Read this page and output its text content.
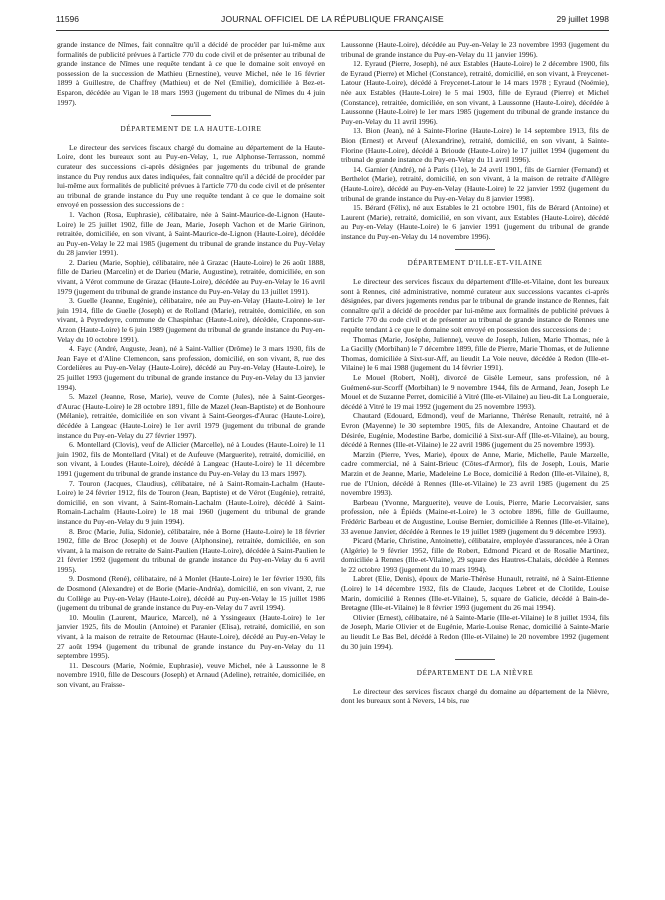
11596	JOURNAL OFFICIEL DE LA RÉPUBLIQUE FRANÇAISE	29 juillet 1998

grande instance de Nîmes, fait connaître qu'il a décidé de procéder par lui-même aux formalités de publicité prévues à l'article 770 du code civil et de présenter au tribunal de grande instance de Nîmes une requête tendant à ce que le domaine soit envoyé en possession de la succession de Mathieu (Ernestine), veuve Michel, née le 16 février 1899 à Guillestre, de Chaffrey (Mathieu) et de Nel (Emilie), domiciliée à Bez-et-Esparon, décédée au Vigan le 18 mars 1993 (jugement du tribunal de Nîmes du 4 juin 1997).

DÉPARTEMENT DE LA HAUTE-LOIRE

Le directeur des services fiscaux chargé du domaine au département de la Haute-Loire, dont les bureaux sont au Puy-en-Velay, 1, rue Alphonse-Terrasson, nommé curateur des successions ci-après désignées par jugements du tribunal de grande instance du Puy rendus aux dates indiquées, fait connaître qu'il a décidé de procéder par lui-même aux formalités de publicité prévues à l'article 770 du code civil et de présenter au tribunal de grande instance du Puy une requête tendant à ce que le domaine soit envoyé en possession des successions de :

1. Vachon (Rosa, Euphrasie), célibataire, née à Saint-Maurice-de-Lignon (Haute-Loire) le 25 juillet 1902, fille de Jean, Marie, Joseph Vachon et de Marie Girinon, retraitée, domiciliée, en son vivant, à Saint-Maurice-de-Lignon (Haute-Loire), décédée au Puy-en-Velay le 22 mai 1985 (jugement du tribunal de grande instance du Puy-Velay du 28 janvier 1991).

2. Darieu (Marie, Sophie), célibataire, née à Grazac (Haute-Loire) le 26 août 1888, fille de Darieu (Marcelin) et de Darieu (Marie, Augustine), retraitée, domiciliée, en son vivant, à Vérot commune de Grazac (Haute-Loire), décédée au Puy-en-Velay le 16 avril 1979 (jugement du tribunal de grande instance du Puy-en-Velay du 13 juillet 1991).

3. Guelle (Jeanne, Eugénie), célibataire, née au Puy-en-Velay (Haute-Loire) le 1er juin 1914, fille de Guelle (Joseph) et de Rolland (Marie), retraitée, domiciliée, en son vivant, à Peyredeyre, commune de Chaspinhac (Haute-Loire), décédée, Craponne-sur-Arzon (Haute-Loire) le 6 juin 1989 (jugement du tribunal de grande instance du Puy-en-Velay du 10 octobre 1991).

4. Fayc (André, Auguste, Jean), né à Saint-Vallier (Drôme) le 3 mars 1930, fils de Jean Faye et d'Aline Clemencon, sans profession, domicilié, en son vivant, 8, rue des Cordelières au Puy-en-Velay (Haute-Loire), décédé au Puy-en-Velay (Haute-Loire), le 25 juillet 1993 (jugement du tribunal de grande instance du Puy-en-Velay du 13 janvier 1994).

5. Mazel (Jeanne, Rose, Marie), veuve de Comte (Jules), née à Saint-Georges-d'Aurac (Haute-Loire) le 28 octobre 1891, fille de Mazel (Jean-Baptiste) et de Bonhoure (Mélanie), retraitée, domiciliée en son vivant à Saint-Georges-d'Aurac (Haute-Loire), décédée à Langeac (Haute-Loire) le 1er avril 1979 (jugement du tribunal de grande instance du Puy-en-Velay du 27 février 1997).

6. Montellard (Clovis), veuf de Allicier (Marcelle), né à Loudes (Haute-Loire) le 11 juin 1902, fils de Montellard (Vital) et de Aufeuve (Marguerite), retraité, domicilié, en son vivant, à Loudes (Haute-Loire), décédé à Langeac (Haute-Loire) le 11 décembre 1991 (jugement du tribunal de grande instance du Puy-en-Velay du 13 mars 1997).

7. Touron (Jacques, Claudius), célibataire, né à Saint-Romain-Lachalm (Haute-Loire) le 24 février 1912, fils de Touron (Jean, Baptiste) et de Vérot (Eugénie), retraité, domicilié, en son vivant, à Saint-Romain-Lachalm (Haute-Loire), décédé à Saint-Romain-Lachalm (Haute-Loire) le 18 mai 1960 (jugement du tribunal de grande instance du Puy-en-Velay du 9 juin 1994).

8. Broc (Marie, Julia, Sidonie), célibataire, née à Borne (Haute-Loire) le 18 février 1902, fille de Broc (Joseph) et de Jouve (Alphonsine), retraitée, domiciliée, en son vivant, à la maison de retraite de Saint-Paulien (Haute-Loire), décédée à Saint-Paulien le 21 février 1992 (jugement du tribunal de grande instance du Puy-en-Velay du 6 avril 1995).

9. Dosmond (René), célibataire, né à Monlet (Haute-Loire) le 1er février 1930, fils de Dosmond (Alexandre) et de Borie (Marie-Andréa), domicilié, en son vivant, 2, rue du Collège au Puy-en-Velay (Haute-Loire), décédé au Puy-en-Velay le 15 juillet 1986 (jugement du tribunal de grande instance du Puy-en-Velay du 7 avril 1994).

10. Moulin (Laurent, Maurice, Marcel), né à Yssingeaux (Haute-Loire) le 1er janvier 1925, fils de Moulin (Antoine) et Paranier (Elisa), retraité, domicilié, en son vivant, à la maison de retraite de Retournac (Haute-Loire), décédé au Puy-en-Velay le 27 août 1994 (jugement du tribunal de grande instance du Puy-en-Velay du 11 septembre 1995).

11. Descours (Marie, Noémie, Euphrasie), veuve Michel, née à Laussonne le 8 novembre 1910, fille de Descours (Joseph) et Arnaud (Adeline), retraitée, domiciliée, en son vivant, au Fraisse-

Laussonne (Haute-Loire), décédée au Puy-en-Velay le 23 novembre 1993 (jugement du tribunal de grande instance du Puy-en-Velay du 11 janvier 1996).

12. Eyraud (Pierre, Joseph), né aux Estables (Haute-Loire) le 2 décembre 1900, fils de Eyraud (Pierre) et Michel (Constance), retraité, domicilié, en son vivant, à Freycenet-Latour (Haute-Loire), décédé à Freycenet-Latour le 14 mars 1978 ; Eyraud (Noémie), née aux Estables (Haute-Loire) le 5 mai 1903, fille de Eyraud (Pierre) et Michel (Constance), retraitée, domiciliée, en son vivant, à Laussonne (Haute-Loire), décédée à Laussonne (Haute-Loire) le 1er mars 1985 (jugement du tribunal de grande instance du Puy-en-Velay du 11 avril 1996).

13. Bion (Jean), né à Sainte-Florine (Haute-Loire) le 14 septembre 1913, fils de Bion (Ernest) et Arveuf (Alexandrine), retraité, domicilié, en son vivant, à Sainte-Florine (Haute-Loire), décédé à Brioude (Haute-Loire) le 17 juillet 1994 (jugement du tribunal de grande instance du Puy-en-Velay du 11 avril 1996).

14. Garnier (André), né à Paris (11e), le 24 avril 1901, fils de Garnier (Fernand) et Berthelot (Marie), retraité, domicilié, en son vivant, à la maison de retraite d'Allègre (Haute-Loire), décédé au Puy-en-Velay (Haute-Loire) le 22 janvier 1992 (jugement du tribunal de grande instance du Puy-en-Velay du 8 janvier 1998).

15. Bérard (Félix), né aux Estables le 21 octobre 1901, fils de Bérard (Antoine) et Laurent (Marie), retraité, domicilié, en son vivant, aux Estables (Haute-Loire), décédé au Puy-en-Velay (Haute-Loire) le 6 janvier 1991 (jugement du tribunal de grande instance du Puy-en-Velay du 14 novembre 1996).

DÉPARTEMENT D'ILLE-ET-VILAINE

Le directeur des services fiscaux du département d'Ille-et-Vilaine, dont les bureaux sont à Rennes, cité administrative, nommé curateur aux successions vacantes ci-après désignées, par divers jugements rendus par le tribunal de grande instance de Rennes, fait connaître qu'il a décidé de procéder par lui-même aux formalités de publicité prévues à l'article 770 du code civil et de présenter au tribunal de grande instance de Rennes une requête tendant à ce que le domaine soit envoyé en possession des successions de :

Thomas (Marie, Josèphe, Julienne), veuve de Joseph, Julien, Marie Thomas, née à La Gacilly (Morbihan) le 7 décembre 1899, fille de Pierre, Marie Thomas, et de Julienne Thomas, domiciliée à Sixt-sur-Aff, au lieudit La Voie neuve, décédée à Redon (Ille-et-Vilaine) le 6 mai 1988 (jugement du 14 février 1991).

Le Mouel (Robert, Noël), divorcé de Gisèle Lemeur, sans profession, né à Guémené-sur-Scorff (Morbihan) le 9 novembre 1944, fils de Armand, Jean, Joseph Le Mouel et de Suzanne Perret, domicilié à Vitré (Ille-et-Vilaine) au lieu-dit La Longueraie, décédé à Vitré le 19 mai 1992 (jugement du 25 novembre 1993).

Chautard (Edouard, Edmond), veuf de Marianne, Thérèse Renault, retraité, né à Evron (Mayenne) le 30 septembre 1905, fils de Alexandre, Antoine Chautard et de Désirée, Eugénie, Modestine Barbe, domicilié à Sixt-sur-Aff (Ille-et-Vilaine), au bourg, décédé à Rennes (Ille-et-Vilaine) le 22 avril 1986 (jugement du 25 novembre 1993).

Marzin (Pierre, Yves, Marie), époux de Anne, Marie, Michelle, Paule Marzelle, cadre commercial, né à Saint-Brieuc (Côtes-d'Armor), fils de Joseph, Louis, Marie Marzin et de Jeanne, Marie, Madeleine Le Boce, domicilié à Redon (Ille-et-Vilaine), 8, rue de l'Union, décédé à Rennes (Ille-et-Vilaine) le 23 avril 1985 (jugement du 25 novembre 1993).

Barbeau (Yvonne, Marguerite), veuve de Louis, Pierre, Marie Lecorvaisier, sans profession, née à Épiéds (Maine-et-Loire) le 3 octobre 1896, fille de Guillaume, Frédéric Barbeau et de Augustine, Louise Bernier, domiciliée à Rennes (Ille-et-Vilaine), 33 avenue Janvier, décédée à Rennes le 19 juillet 1989 (jugement du 9 décembre 1993).

Picard (Marie, Christine, Antoinette), célibataire, employée d'assurances, née à Oran (Algérie) le 9 février 1952, fille de Robert, Edmond Picard et de Rosalie Martinez, domiciliée à Rennes (Ille-et-Vilaine), 29 square des Hautres-Chalais, décédée à Rennes le 22 octobre 1993 (jugement du 10 mars 1994).

Labret (Elie, Denis), époux de Marie-Thérèse Hunault, retraité, né à Saint-Etienne (Loire) le 14 décembre 1932, fils de Claude, Jacques Lebret et de Clotilde, Louise Marin, domicilié à Rennes (Ille-et-Vilaine), 5, square de Galicie, décédé à Bain-de-Bretagne (Ille-et-Vilaine) le 8 février 1993 (jugement du 26 mai 1994).

Olivier (Ernest), célibataire, né à Sainte-Marie (Ille-et-Vilaine) le 8 juillet 1934, fils de Joseph, Marie Olivier et de Eugénie, Marie-Louise Renac, domicilié à Sainte-Marie au lieudit Le Bas Bel, décédé à Redon (Ille-et-Vilaine) le 20 novembre 1992 (jugement du 30 juin 1994).

DÉPARTEMENT DE LA NIÈVRE

Le directeur des services fiscaux chargé du domaine au département de la Nièvre, dont les bureaux sont à Nevers, 14 bis, rue
